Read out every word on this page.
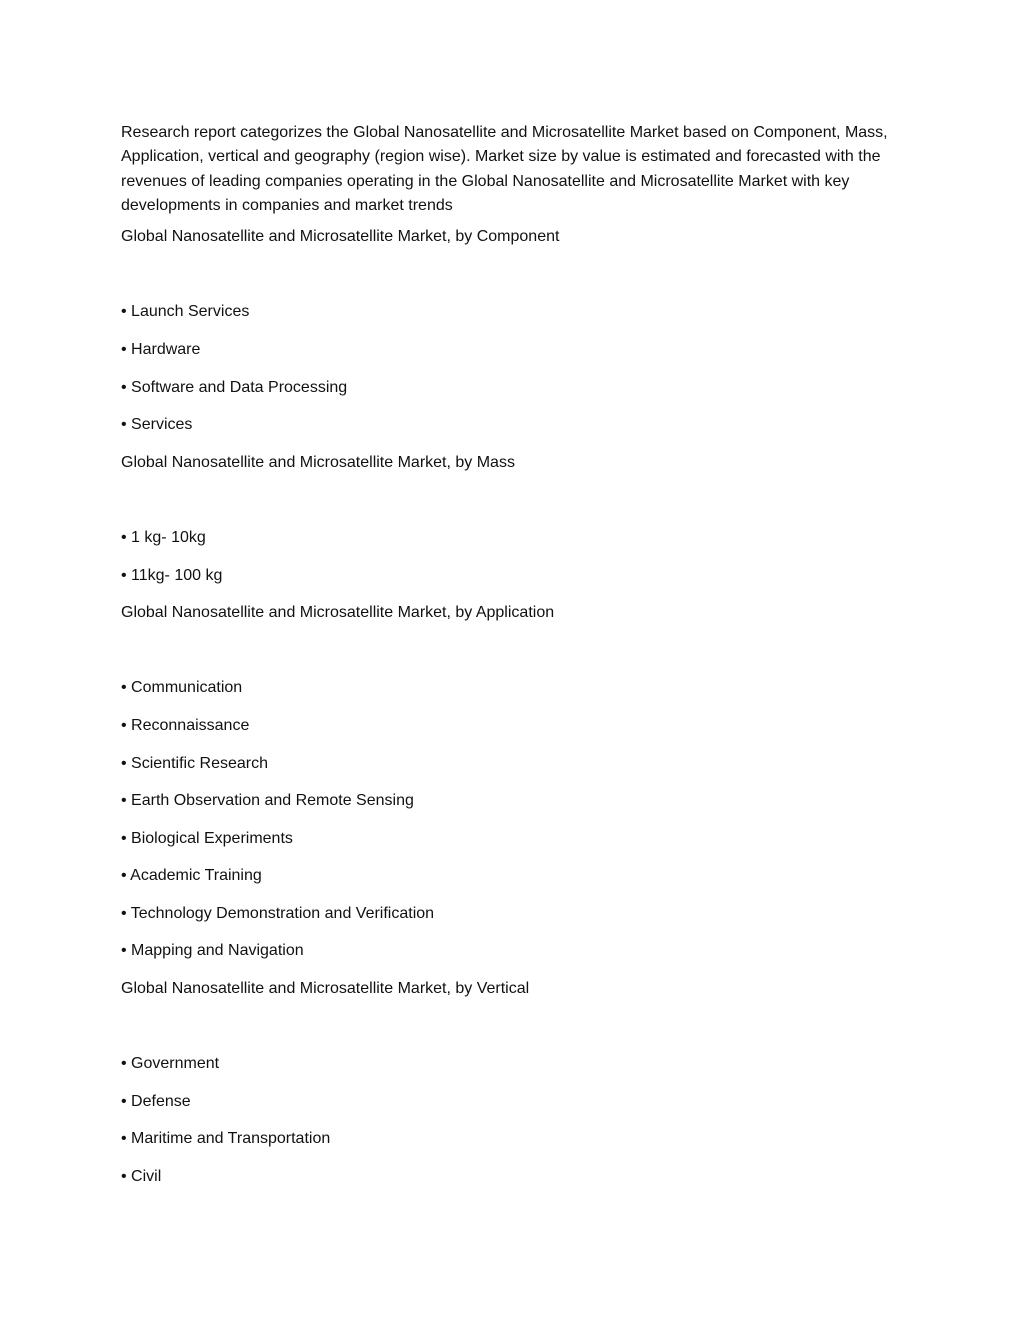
Research report categorizes the Global Nanosatellite and Microsatellite Market based on Component, Mass, Application, vertical and geography (region wise). Market size by value is estimated and forecasted with the revenues of leading companies operating in the Global Nanosatellite and Microsatellite Market with key developments in companies and market trends

Global Nanosatellite and Microsatellite Market, by Component
• Launch Services
• Hardware
• Software and Data Processing
• Services
Global Nanosatellite and Microsatellite Market, by Mass
• 1 kg- 10kg
• 11kg- 100 kg
Global Nanosatellite and Microsatellite Market, by Application
• Communication
• Reconnaissance
• Scientific Research
• Earth Observation and Remote Sensing
• Biological Experiments
• Academic Training
• Technology Demonstration and Verification
• Mapping and Navigation
Global Nanosatellite and Microsatellite Market, by Vertical
• Government
• Defense
• Maritime and Transportation
• Civil
